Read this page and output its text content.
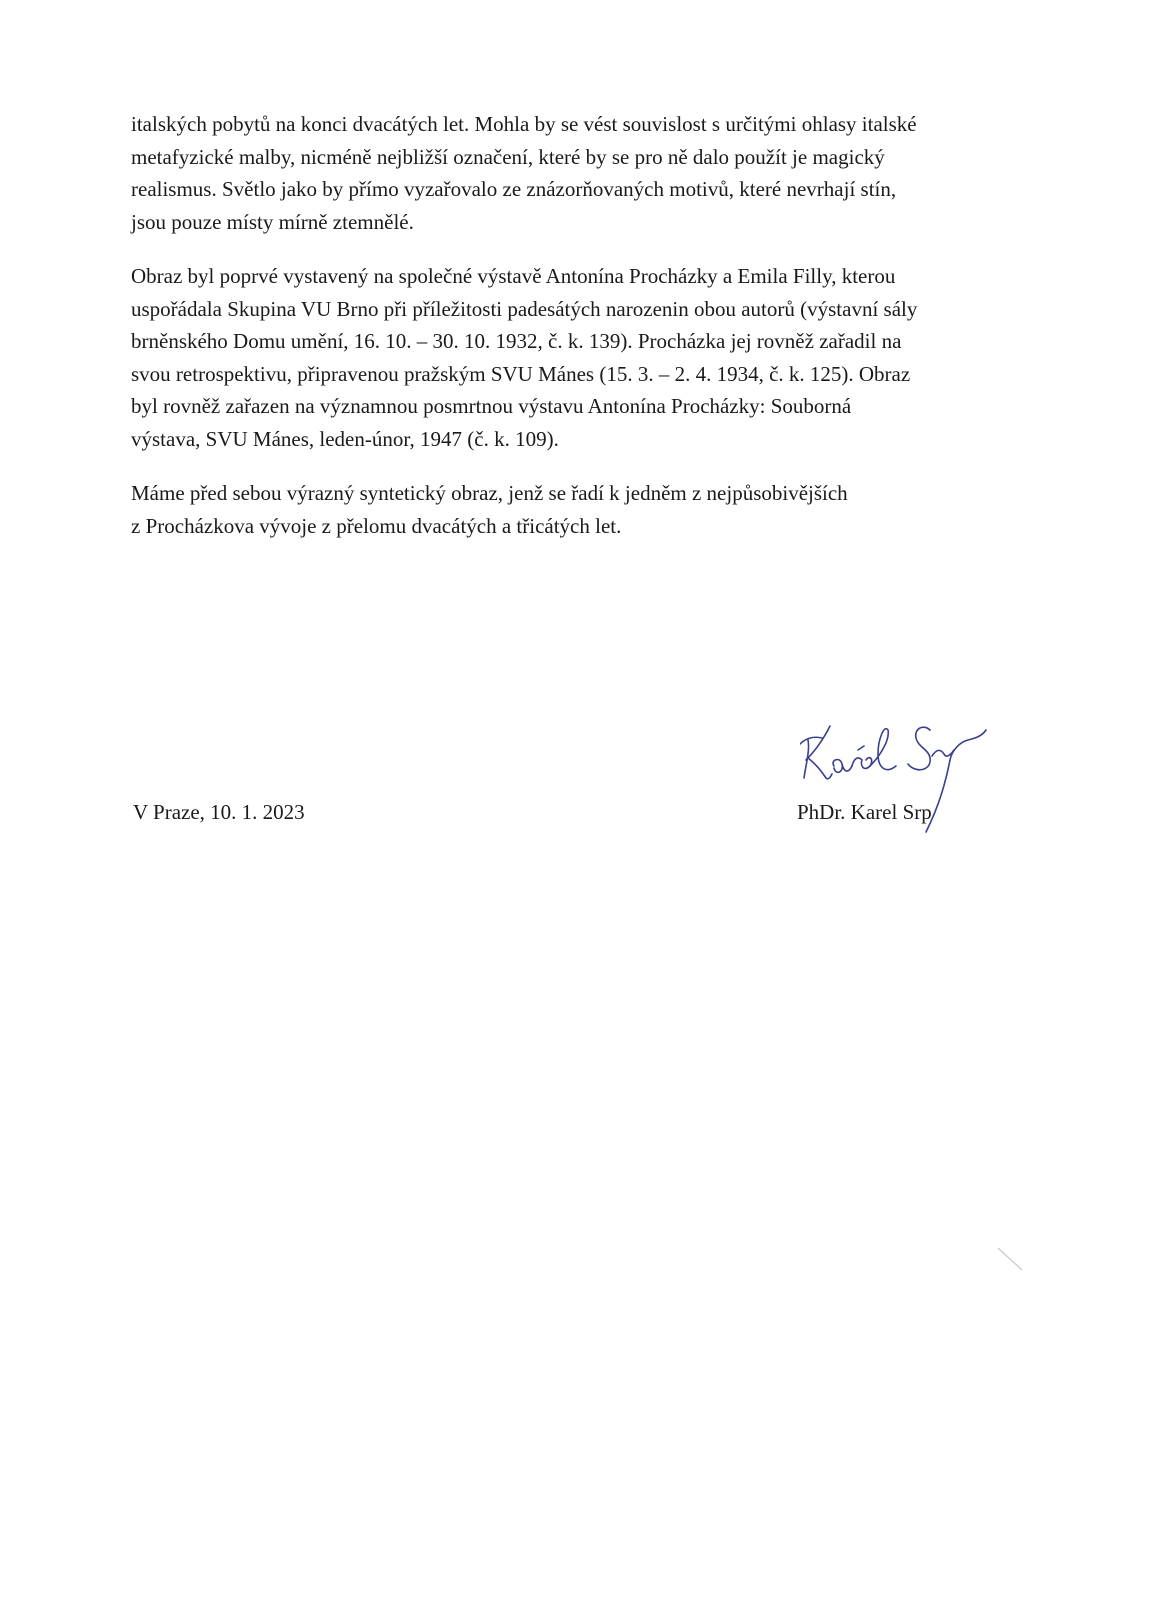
italských pobytů na konci dvacátých let. Mohla by se vést souvislost s určitými ohlasy italské
metafyzické malby, nicméně nejbližší označení, které by se pro ně dalo použít je magický
realismus. Světlo jako by přímo vyzařovalo ze znázorňovaných motivů, které nevrhají stín,
jsou pouze místy mírně ztemnělé.

Obraz byl poprvé vystavený na společné výstavě Antonína Procházky a Emila Filly, kterou
uspořádala Skupina VU Brno při příležitosti padesátých narozenin obou autorů (výstavní sály
brněnského Domu umění, 16. 10. – 30. 10. 1932, č. k. 139). Procházka jej rovněž zařadil na
svou retrospektivu, připravenou pražským SVU Mánes (15. 3. – 2. 4. 1934, č. k. 125). Obraz
byl rovněž zařazen na významnou posmrtnou výstavu Antonína Procházky: Souborná
výstava, SVU Mánes, leden-únor, 1947 (č. k. 109).

Máme před sebou výrazný syntetický obraz, jenž se řadí k jedněm z nejpůsobivějších
z Procházkova vývoje z přelomu dvacátých a třicátých let.

V Praze, 10. 1. 2023	PhDr. Karel Srp
